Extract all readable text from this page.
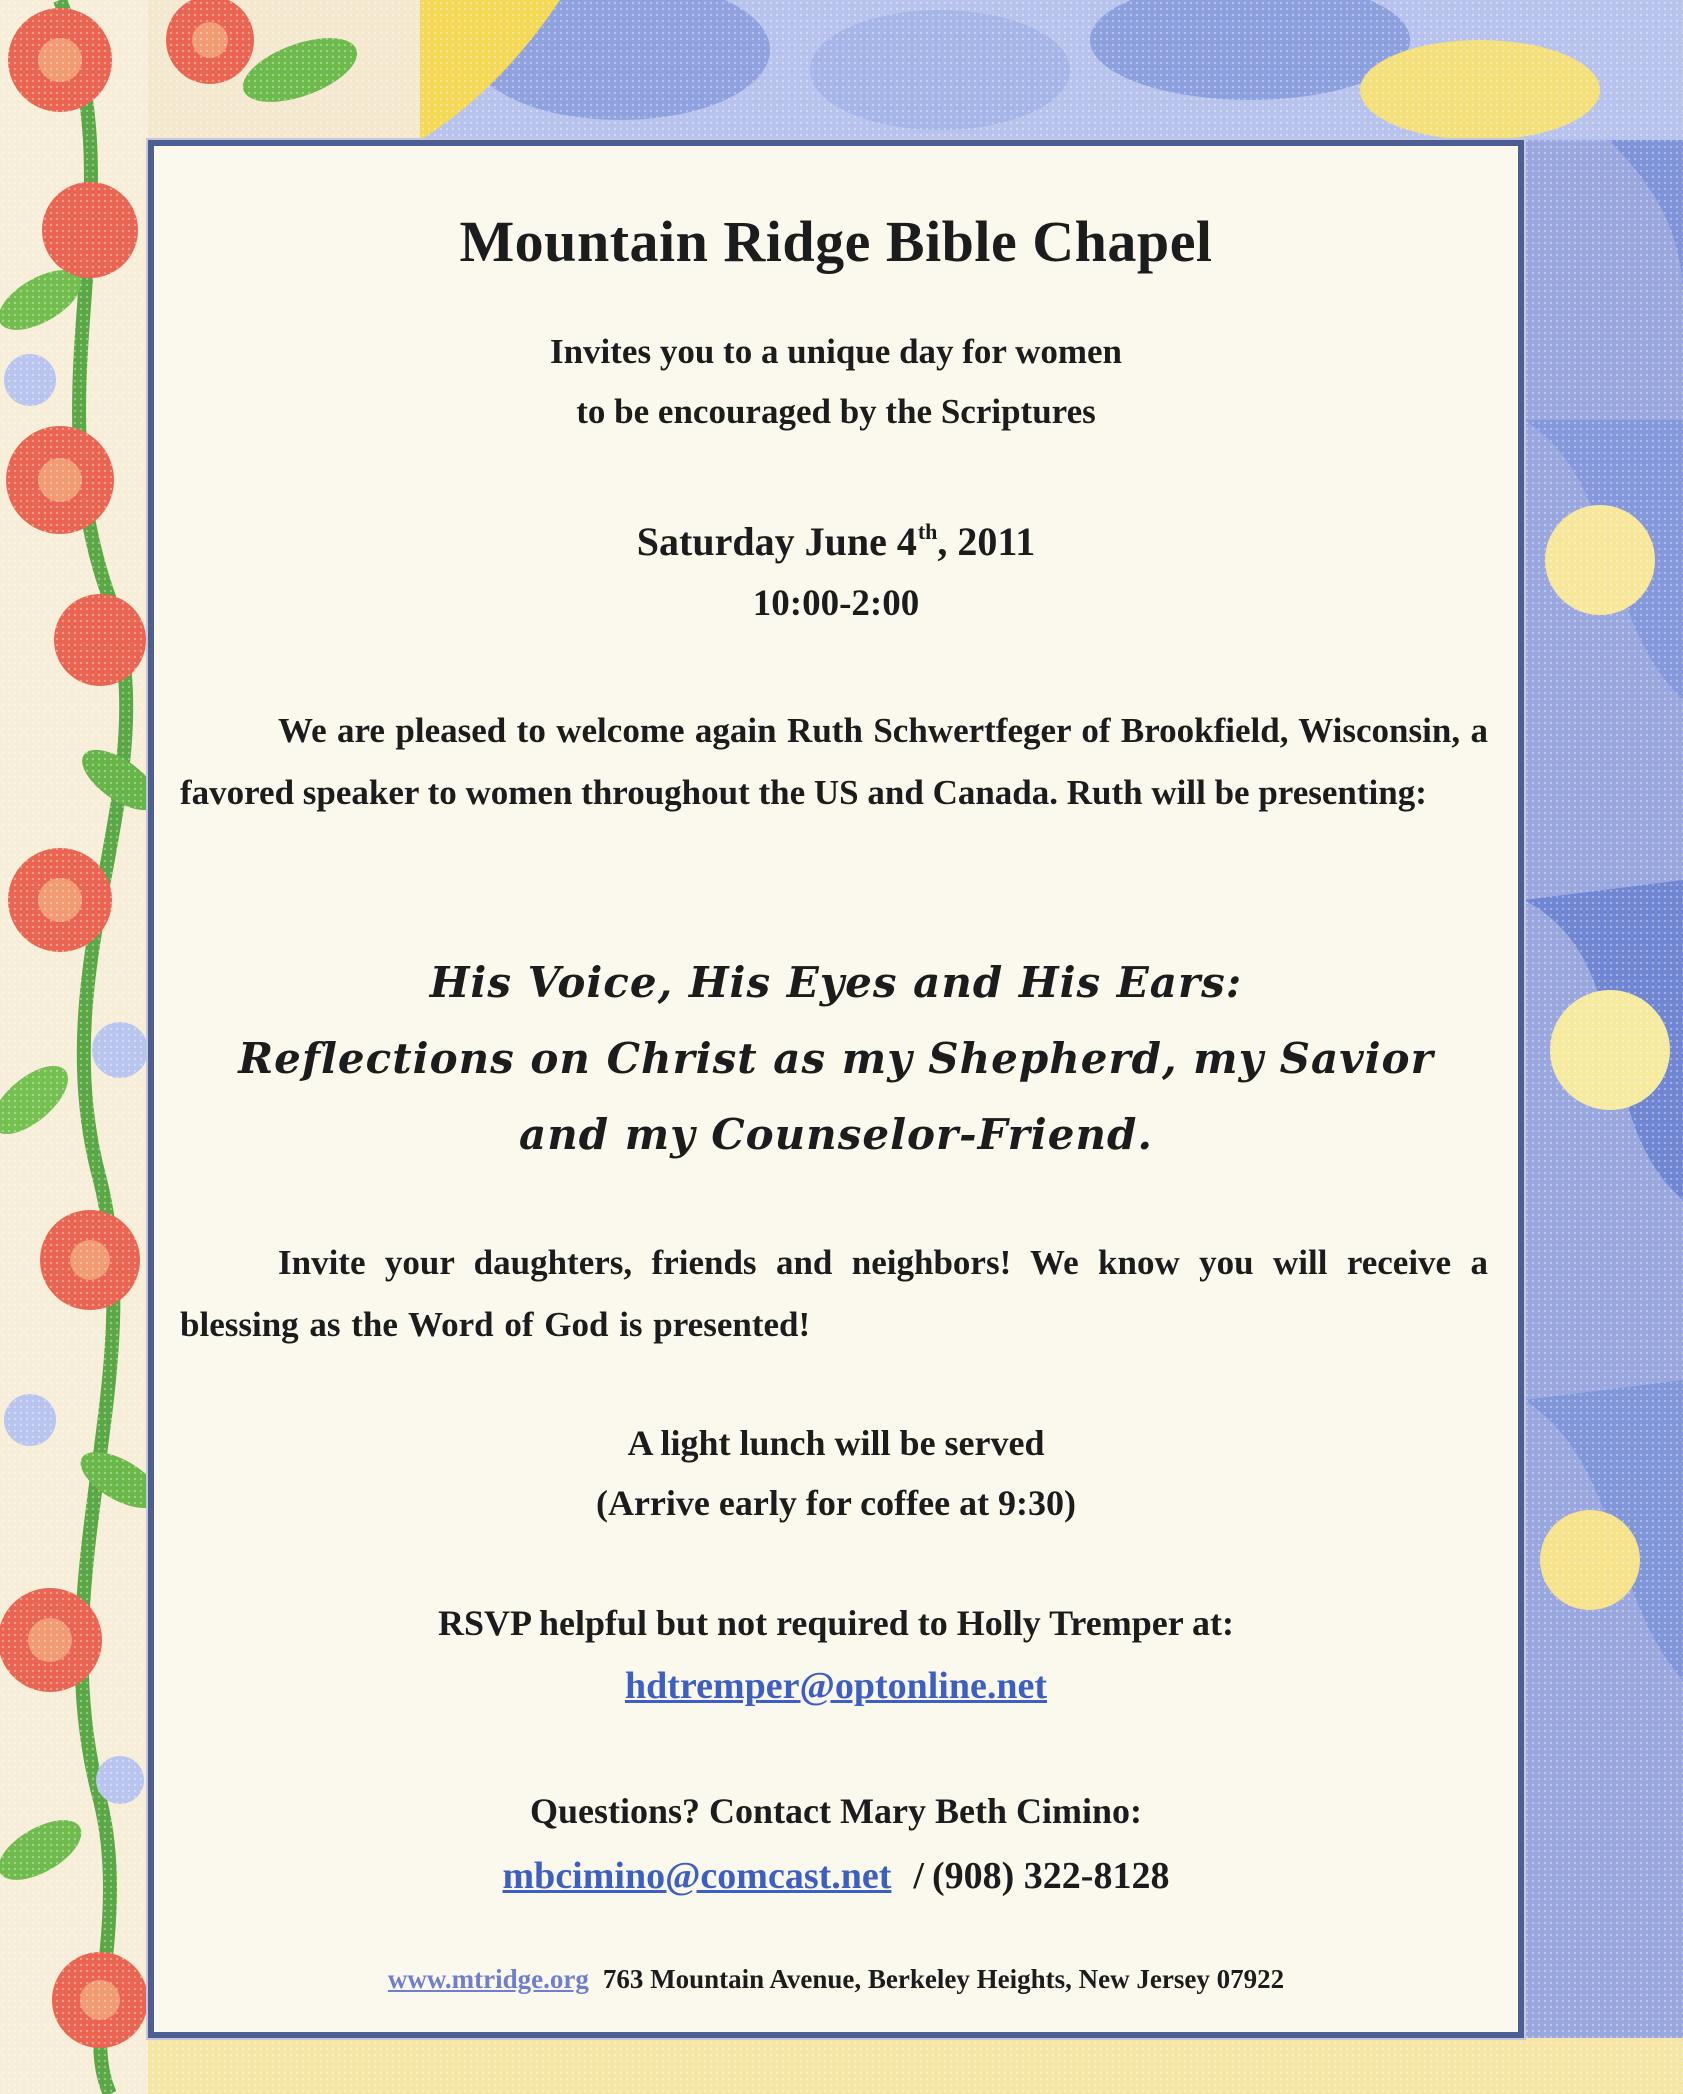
Mountain Ridge Bible Chapel
Invites you to a unique day for women
to be encouraged by the Scriptures
Saturday June 4th, 2011
10:00-2:00
We are pleased to welcome again Ruth Schwertfeger of Brookfield, Wisconsin, a favored speaker to women throughout the US and Canada. Ruth will be presenting:
His Voice, His Eyes and His Ears:
Reflections on Christ as my Shepherd, my Savior
and my Counselor-Friend.
Invite your daughters, friends and neighbors! We know you will receive a blessing as the Word of God is presented!
A light lunch will be served
(Arrive early for coffee at 9:30)
RSVP helpful but not required to Holly Tremper at:
hdtremper@optonline.net
Questions? Contact Mary Beth Cimino:
mbcimino@comcast.net / (908) 322-8128
www.mtridge.org 763 Mountain Avenue, Berkeley Heights, New Jersey 07922
